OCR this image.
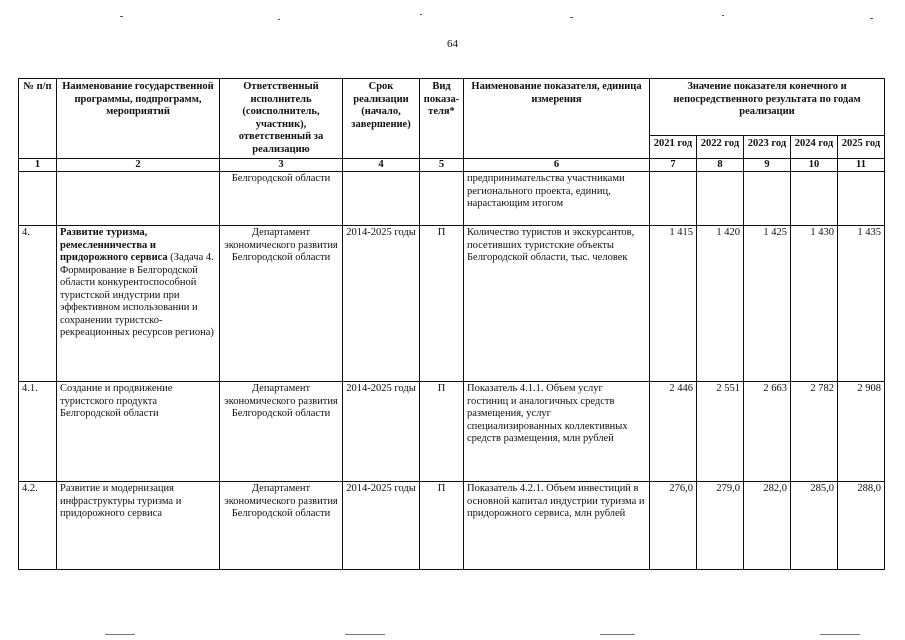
64
№ п/п	Наименование государственной программы, подпрограмм, мероприятий	Ответственный исполнитель (соисполнитель, участник), ответственный за реализацию	Срок реализации (начало, завершение)	Вид показа-теля*	Наименование показателя, единица измерения	Значение показателя конечного и непосредственного результата по годам реализации				
						2021 год	2022 год	2023 год	2024 год	2025 год
1	2	3	4	5	6	7	8	9	10	11
		Белгородской области			предпринимательства участниками регионального проекта, единиц, нарастающим итогом					
4.	Развитие туризма, ремесленничества и придорожного сервиса (Задача 4. Формирование в Белгородской области конкурентоспособной туристской индустрии при эффективном использовании и сохранении туристско-рекреационных ресурсов региона)	Департамент экономического развития Белгородской области	2014-2025 годы	П	Количество туристов и экскурсантов, посетивших туристские объекты Белгородской области, тыс. человек	1 415	1 420	1 425	1 430	1 435
4.1.	Создание и продвижение туристского продукта Белгородской области	Департамент экономического развития Белгородской области	2014-2025 годы	П	Показатель 4.1.1. Объем услуг гостиниц и аналогичных средств размещения, услуг специализированных коллективных средств размещения, млн рублей	2 446	2 551	2 663	2 782	2 908
4.2.	Развитие и модернизация инфраструктуры туризма и придорожного сервиса	Департамент экономического развития Белгородской области	2014-2025 годы	П	Показатель 4.2.1. Объем инвестиций в основной капитал индустрии туризма и придорожного сервиса, млн рублей	276,0	279,0	282,0	285,0	288,0
